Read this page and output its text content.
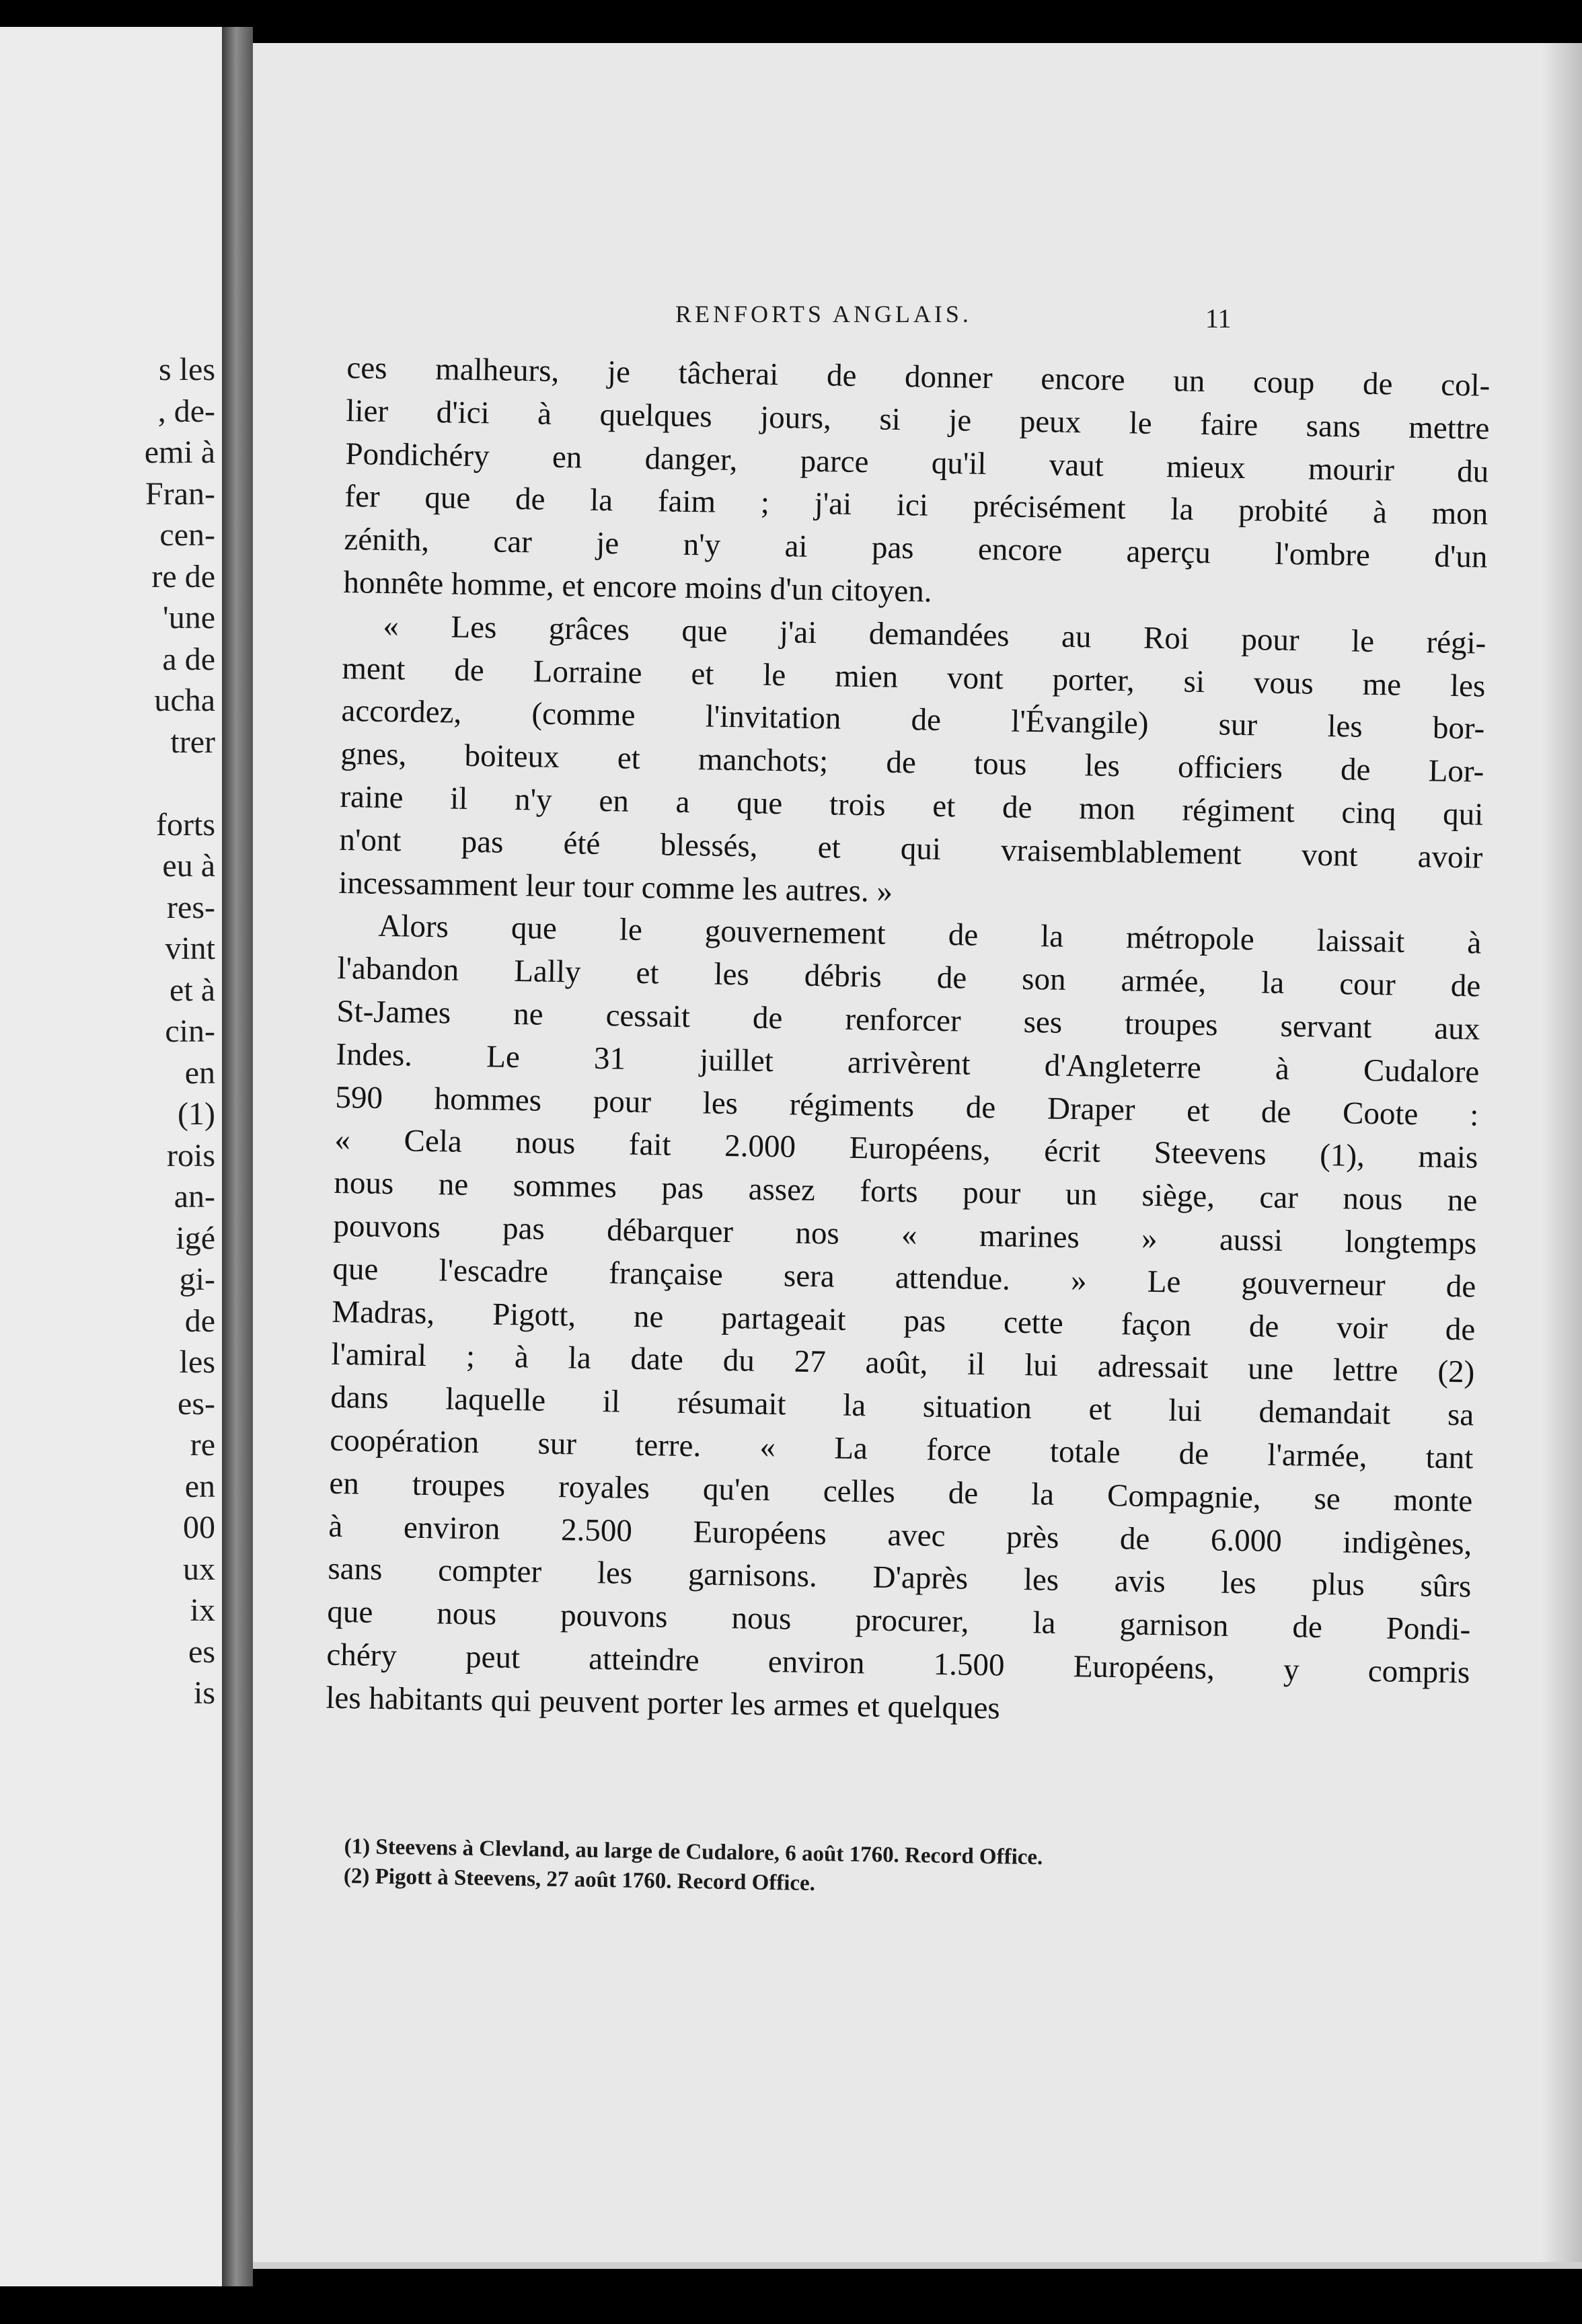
s les
, de-
emi à
Fran-
cen-
re de
'une
a de
ucha
trer
forts
eu à
res-
vint
et à
cin-
en
(1)
rois
an-
igé
gi-
de
les
es-
re
en
00
ux
ix
es
is
RENFORTS ANGLAIS.	11
ces malheurs, je tâcherai de donner encore un coup de col-
lier d'ici à quelques jours, si je peux le faire sans mettre
Pondichéry en danger, parce qu'il vaut mieux mourir du
fer que de la faim ; j'ai ici précisément la probité à mon
zénith, car je n'y ai pas encore aperçu l'ombre d'un
honnête homme, et encore moins d'un citoyen.
« Les grâces que j'ai demandées au Roi pour le régi-
ment de Lorraine et le mien vont porter, si vous me les
accordez, (comme l'invitation de l'Évangile) sur les bor-
gnes, boiteux et manchots; de tous les officiers de Lor-
raine il n'y en a que trois et de mon régiment cinq qui
n'ont pas été blessés, et qui vraisemblablement vont avoir
incessamment leur tour comme les autres. »
Alors que le gouvernement de la métropole laissait à
l'abandon Lally et les débris de son armée, la cour de
St-James ne cessait de renforcer ses troupes servant aux
Indes. Le 31 juillet arrivèrent d'Angleterre à Cudalore
590 hommes pour les régiments de Draper et de Coote :
« Cela nous fait 2.000 Européens, écrit Steevens (1), mais
nous ne sommes pas assez forts pour un siège, car nous ne
pouvons pas débarquer nos « marines » aussi longtemps
que l'escadre française sera attendue. » Le gouverneur de
Madras, Pigott, ne partageait pas cette façon de voir de
l'amiral ; à la date du 27 août, il lui adressait une lettre (2)
dans laquelle il résumait la situation et lui demandait sa
coopération sur terre. « La force totale de l'armée, tant
en troupes royales qu'en celles de la Compagnie, se monte
à environ 2.500 Européens avec près de 6.000 indigènes,
sans compter les garnisons. D'après les avis les plus sûrs
que nous pouvons nous procurer, la garnison de Pondi-
chéry peut atteindre environ 1.500 Européens, y compris
les habitants qui peuvent porter les armes et quelques
(1) Steevens à Clevland, au large de Cudalore, 6 août 1760. Record Office.
(2) Pigott à Steevens, 27 août 1760. Record Office.
